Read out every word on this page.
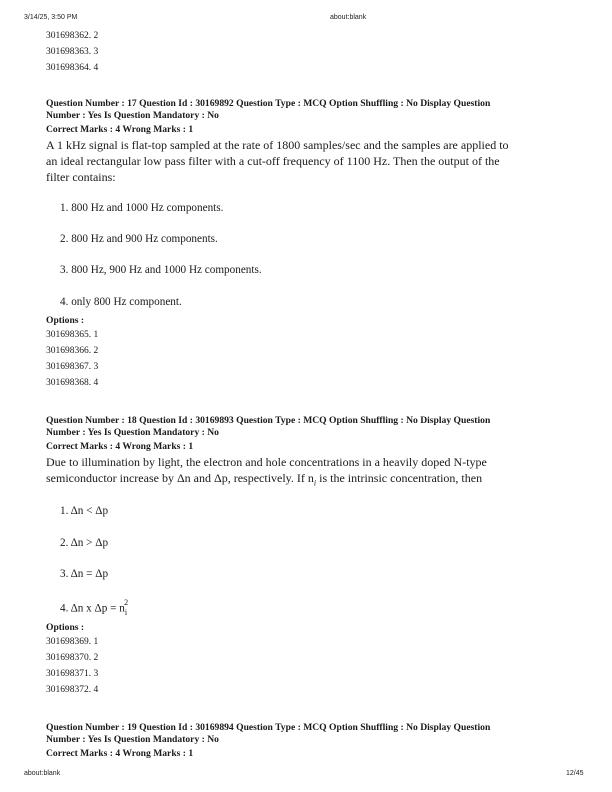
3/14/25, 3:50 PM	about:blank
301698362. 2
301698363. 3
301698364. 4
Question Number : 17 Question Id : 30169892 Question Type : MCQ Option Shuffling : No Display Question
Number : Yes Is Question Mandatory : No
Correct Marks : 4 Wrong Marks : 1
A 1 kHz signal is flat-top sampled at the rate of 1800 samples/sec and the samples are applied to
an ideal rectangular low pass filter with a cut-off frequency of 1100 Hz. Then the output of the
filter contains:
1. 800 Hz and 1000 Hz components.
2. 800 Hz and 900 Hz components.
3. 800 Hz, 900 Hz and 1000 Hz components.
4. only 800 Hz component.
Options :
301698365. 1
301698366. 2
301698367. 3
301698368. 4
Question Number : 18 Question Id : 30169893 Question Type : MCQ Option Shuffling : No Display Question
Number : Yes Is Question Mandatory : No
Correct Marks : 4 Wrong Marks : 1
Due to illumination by light, the electron and hole concentrations in a heavily doped N-type
semiconductor increase by Δn and Δp, respectively. If $n_i$ is the intrinsic concentration, then
1. Δn < Δp
2. Δn > Δp
3. Δn = Δp
4. Δn x $\Delta p = n_i^2$
Options :
301698369. 1
301698370. 2
301698371. 3
301698372. 4
Question Number : 19 Question Id : 30169894 Question Type : MCQ Option Shuffling : No Display Question
Number : Yes Is Question Mandatory : No
Correct Marks : 4 Wrong Marks : 1
about:blank	12/45
